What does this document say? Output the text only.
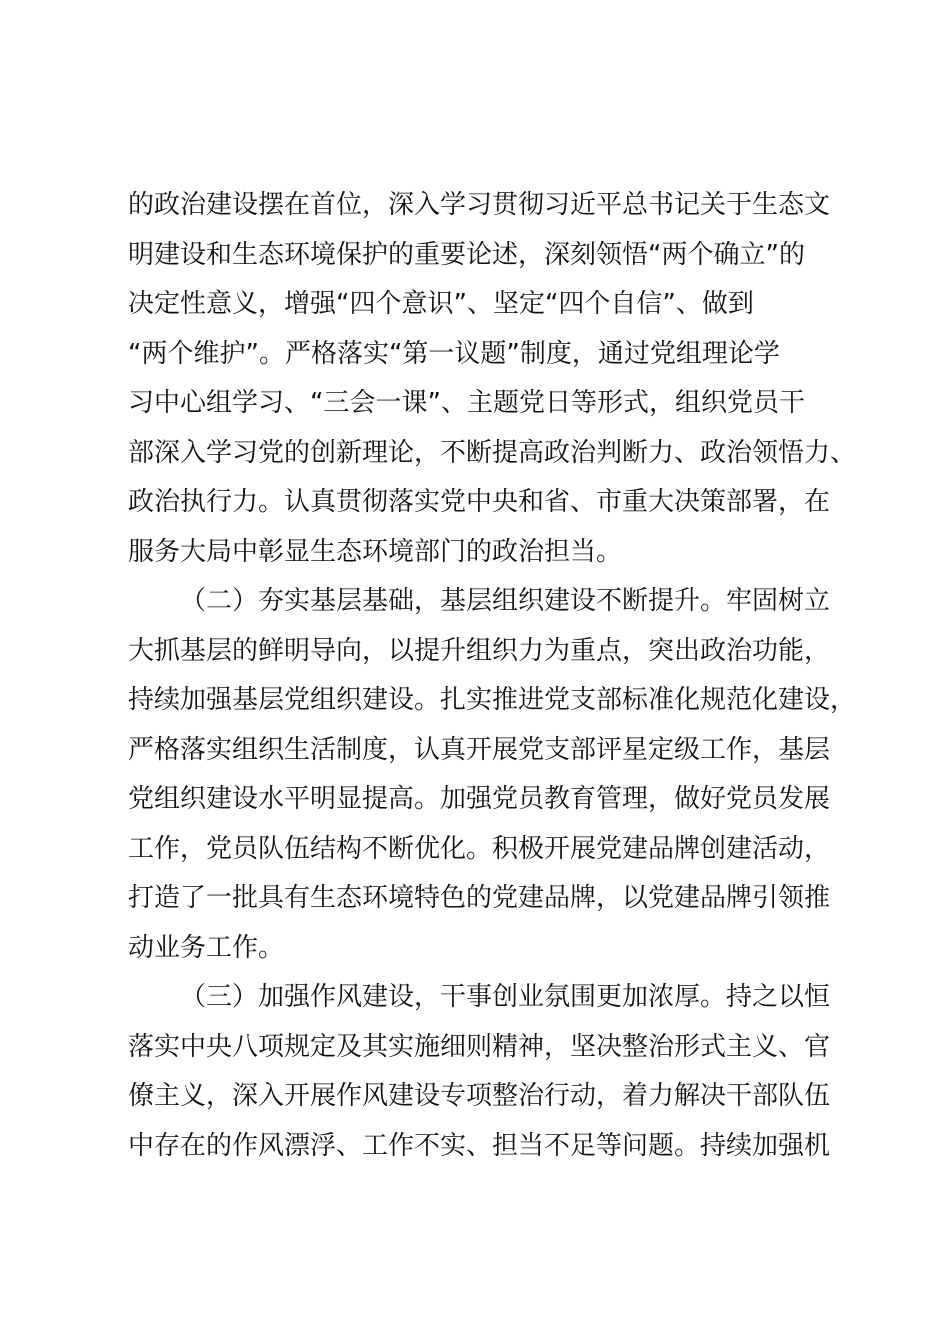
的政治建设摆在首位，深入学习贯彻习近平总书记关于生态文
明建设和生态环境保护的重要论述，深刻领悟“两个确立”的
决定性意义，增强“四个意识”、坚定“四个自信”、做到
“两个维护”。严格落实“第一议题”制度，通过党组理论学
习中心组学习、“三会一课”、主题党日等形式，组织党员干
部深入学习党的创新理论，不断提高政治判断力、政治领悟力、
政治执行力。认真贯彻落实党中央和省、市重大决策部署，在
服务大局中彰显生态环境部门的政治担当。
（二）夯实基层基础，基层组织建设不断提升。牢固树立
大抓基层的鲜明导向，以提升组织力为重点，突出政治功能，
持续加强基层党组织建设。扎实推进党支部标准化规范化建设，
严格落实组织生活制度，认真开展党支部评星定级工作，基层
党组织建设水平明显提高。加强党员教育管理，做好党员发展
工作，党员队伍结构不断优化。积极开展党建品牌创建活动，
打造了一批具有生态环境特色的党建品牌，以党建品牌引领推
动业务工作。
（三）加强作风建设，干事创业氛围更加浓厚。持之以恒
落实中央八项规定及其实施细则精神，坚决整治形式主义、官
僚主义，深入开展作风建设专项整治行动，着力解决干部队伍
中存在的作风漂浮、工作不实、担当不足等问题。持续加强机
